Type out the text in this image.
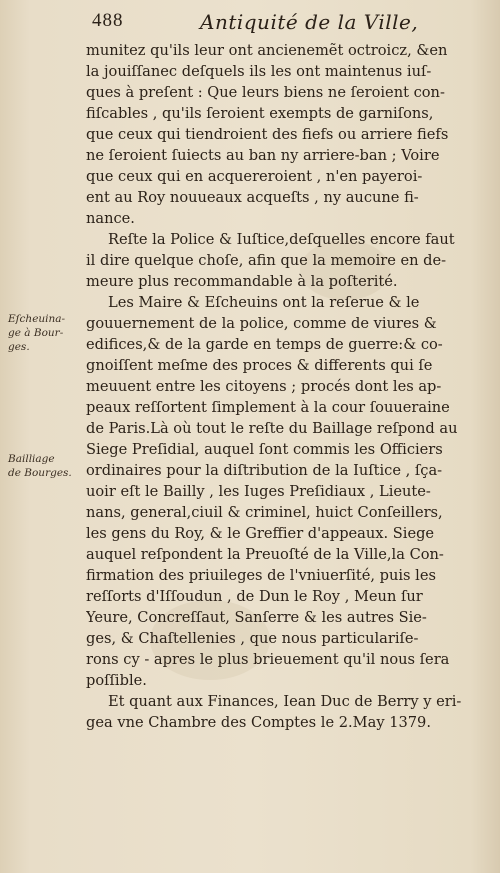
488	Antiquité de la Ville,
Eſcheuina-
ge à Bour-
ges.
Bailliage
de Bourges.
munitez qu'ils leur ont ancienemẽt octroicz, &en
la jouiſſanec deſquels ils les ont maintenus iuſ-
ques à preſent : Que leurs biens ne ſeroient con-
fiſcables , qu'ils ſeroient exempts de garniſons,
que ceux qui tiendroient des fiefs ou arriere fiefs
ne ſeroient ſuiects au ban ny arriere-ban ; Voire
que ceux qui en acquereroient , n'en payeroi-
ent au Roy nouueaux acqueſts , ny aucune fi-
nance.
Reſte la Police & Iuſtice,deſquelles encore faut
il dire quelque choſe, afin que la memoire en de-
meure plus recommandable à la poſterité.
Les Maire & Eſcheuins ont la reſerue & le
gouuernement de la police, comme de viures &
edifices,& de la garde en temps de guerre:& co-
gnoiſſent meſme des proces & differents qui ſe
meuuent entre les citoyens ; procés dont les ap-
peaux reſſortent ſimplement à la cour ſouueraine
de Paris.Là où tout le reſte du Baillage reſpond au
Siege Preſidial, auquel ſont commis les Officiers
ordinaires pour la diſtribution de la Iuſtice , ſça-
uoir eſt le Bailly , les Iuges Preſidiaux , Lieute-
nans, general,ciuil & criminel, huict Conſeillers,
les gens du Roy, & le Greffier d'appeaux. Siege
auquel reſpondent la Preuoſté de la Ville,la Con-
firmation des priuileges de l'vniuerſité, puis les
reſſorts d'Iſſoudun , de Dun le Roy , Meun ſur
Yeure, Concreſſaut, Sanſerre & les autres Sie-
ges, & Chaſtellenies , que nous particulariſe-
rons cy - apres le plus brieuement qu'il nous ſera
poſſible.
Et quant aux Finances, Iean Duc de Berry y eri-
gea vne Chambre des Comptes le 2.May 1379.
